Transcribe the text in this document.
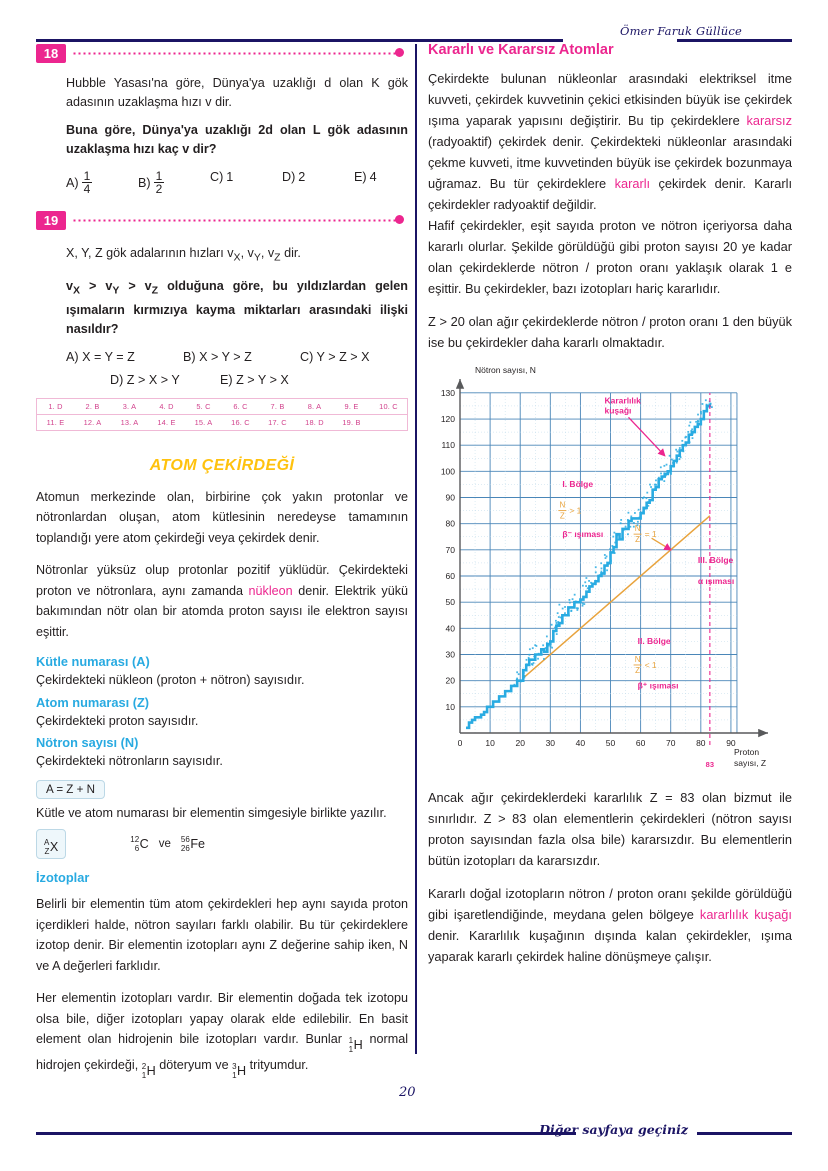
Ömer Faruk Güllüce
18

Hubble Yasası'na göre, Dünya'ya uzaklığı d olan K gök adasının uzaklaşma hızı v dir.

Buna göre, Dünya'ya uzaklığı 2d olan L gök adasının uzaklaşma hızı kaç v dir?

$A) \frac{1}{4}$	$B) \frac{1}{2}$	C) 1	D) 2	E) 4
19

X, Y, Z gök adalarının hızları $v_X$, $v_Y$, $v_Z$ dir.

$v_X > v_Y > v_Z$ olduğuna göre, bu yıldızlardan gelen ışımaların kırmızıya kayma miktarları arasındaki ilişki nasıldır?

A) X = Y = Z	B) X > Y > Z	C) Y > Z > X
D) Z > X > Y	E) Z > Y > X
1. D	2. B	3. A	4. D	5. C	6. C	7. B	8. A	9. E	10. C
11. E	12. A	13. A	14. E	15. A	16. C	17. C	18. D	19. B
ATOM ÇEKİRDEĞİ

Atomun merkezinde olan, birbirine çok yakın protonlar ve nötronlardan oluşan, atom kütlesinin neredeyse tamamının toplandığı yere atom çekirdeği veya çekirdek denir.

Nötronlar yüksüz olup protonlar pozitif yüklüdür. Çekirdekteki proton ve nötronlara, aynı zamanda nükleon denir. Elektrik yükü bakımından nötr olan bir atomda proton sayısı ile elektron sayısı eşittir.

Kütle numarası (A)

Çekirdekteki nükleon (proton + nötron) sayısıdır.

Atom numarası (Z)

Çekirdekteki proton sayısıdır.

Nötron sayısı (N)

Çekirdekteki nötronların sayısıdır.

A = Z + N

Kütle ve atom numarası bir elementin simgesiyle birlikte yazılır.

A
Z X
12
6 C ve 56
26 Fe
İzotoplar

Belirli bir elementin tüm atom çekirdekleri hep aynı sayıda proton içerdikleri halde, nötron sayıları farklı olabilir. Bu tür çekirdeklere izotop denir. Bir elementin izotopları aynı Z değerine sahip iken, N ve A değerleri farklıdır.

Her elementin izotopları vardır. Bir elementin doğada tek izotopu olsa bile, diğer izotopları yapay olarak elde edilebilir. En basit element olan hidrojenin bile izotopları vardır. Bunlar 1
1 H normal hidrojen çekirdeği, 2
1 H döteryum ve 3
1 H trityumdur.

Kararlı ve Kararsız Atomlar

Çekirdekte bulunan nükleonlar arasındaki elektriksel itme kuvveti, çekirdek kuvvetinin çekici etkisinden büyük ise çekirdek ışıma yaparak yapısını değiştirir. Bu tip çekirdeklere kararsız (radyoaktif) çekirdek denir. Çekirdekteki nükleonlar arasındaki çekme kuvveti, itme kuvvetinden büyük ise çekirdek bozunmaya uğramaz. Bu tür çekirdeklere kararlı çekirdek denir. Kararlı çekirdekler radyoaktif değildir.

Hafif çekirdekler, eşit sayıda proton ve nötron içeriyorsa daha kararlı olurlar. Şekilde görüldüğü gibi proton sayısı 20 ye kadar olan çekirdeklerde nötron / proton oranı yaklaşık olarak 1 e eşittir. Bu çekirdekler, bazı izotopları hariç kararlıdır.

Z > 20 olan ağır çekirdeklerde nötron / proton oranı 1 den büyük ise bu çekirdekler daha kararlı olmaktadır.

0	10 20 30 40 50 60 70 80 90
10
20
30
40
50
60
70
80
90
100
110
120
130
83
Kararlılık
kuşağı
I. Bölge
N
Z
> 1
β⁻ ışıması
N
Z
= 1
III. Bölge
α ışıması
II. Bölge
N
Z
< 1
β⁺ ışıması
Nötron sayısı, N
Proton
sayısı, Z

Ancak ağır çekirdeklerdeki kararlılık Z = 83 olan bizmut ile sınırlıdır. Z > 83 olan elementlerin çekirdekleri (nötron sayısı proton sayısından fazla olsa bile) kararsızdır. Bu elementlerin bütün izotopları da kararsızdır.

Kararlı doğal izotopların nötron / proton oranı şekilde görüldüğü gibi işaretlendiğinde, meydana gelen bölgeye kararlılık kuşağı denir. Kararlılık kuşağının dışında kalan çekirdekler, ışıma yaparak kararlı çekirdek haline dönüşmeye çalışır.

20
Diğer sayfaya geçiniz
